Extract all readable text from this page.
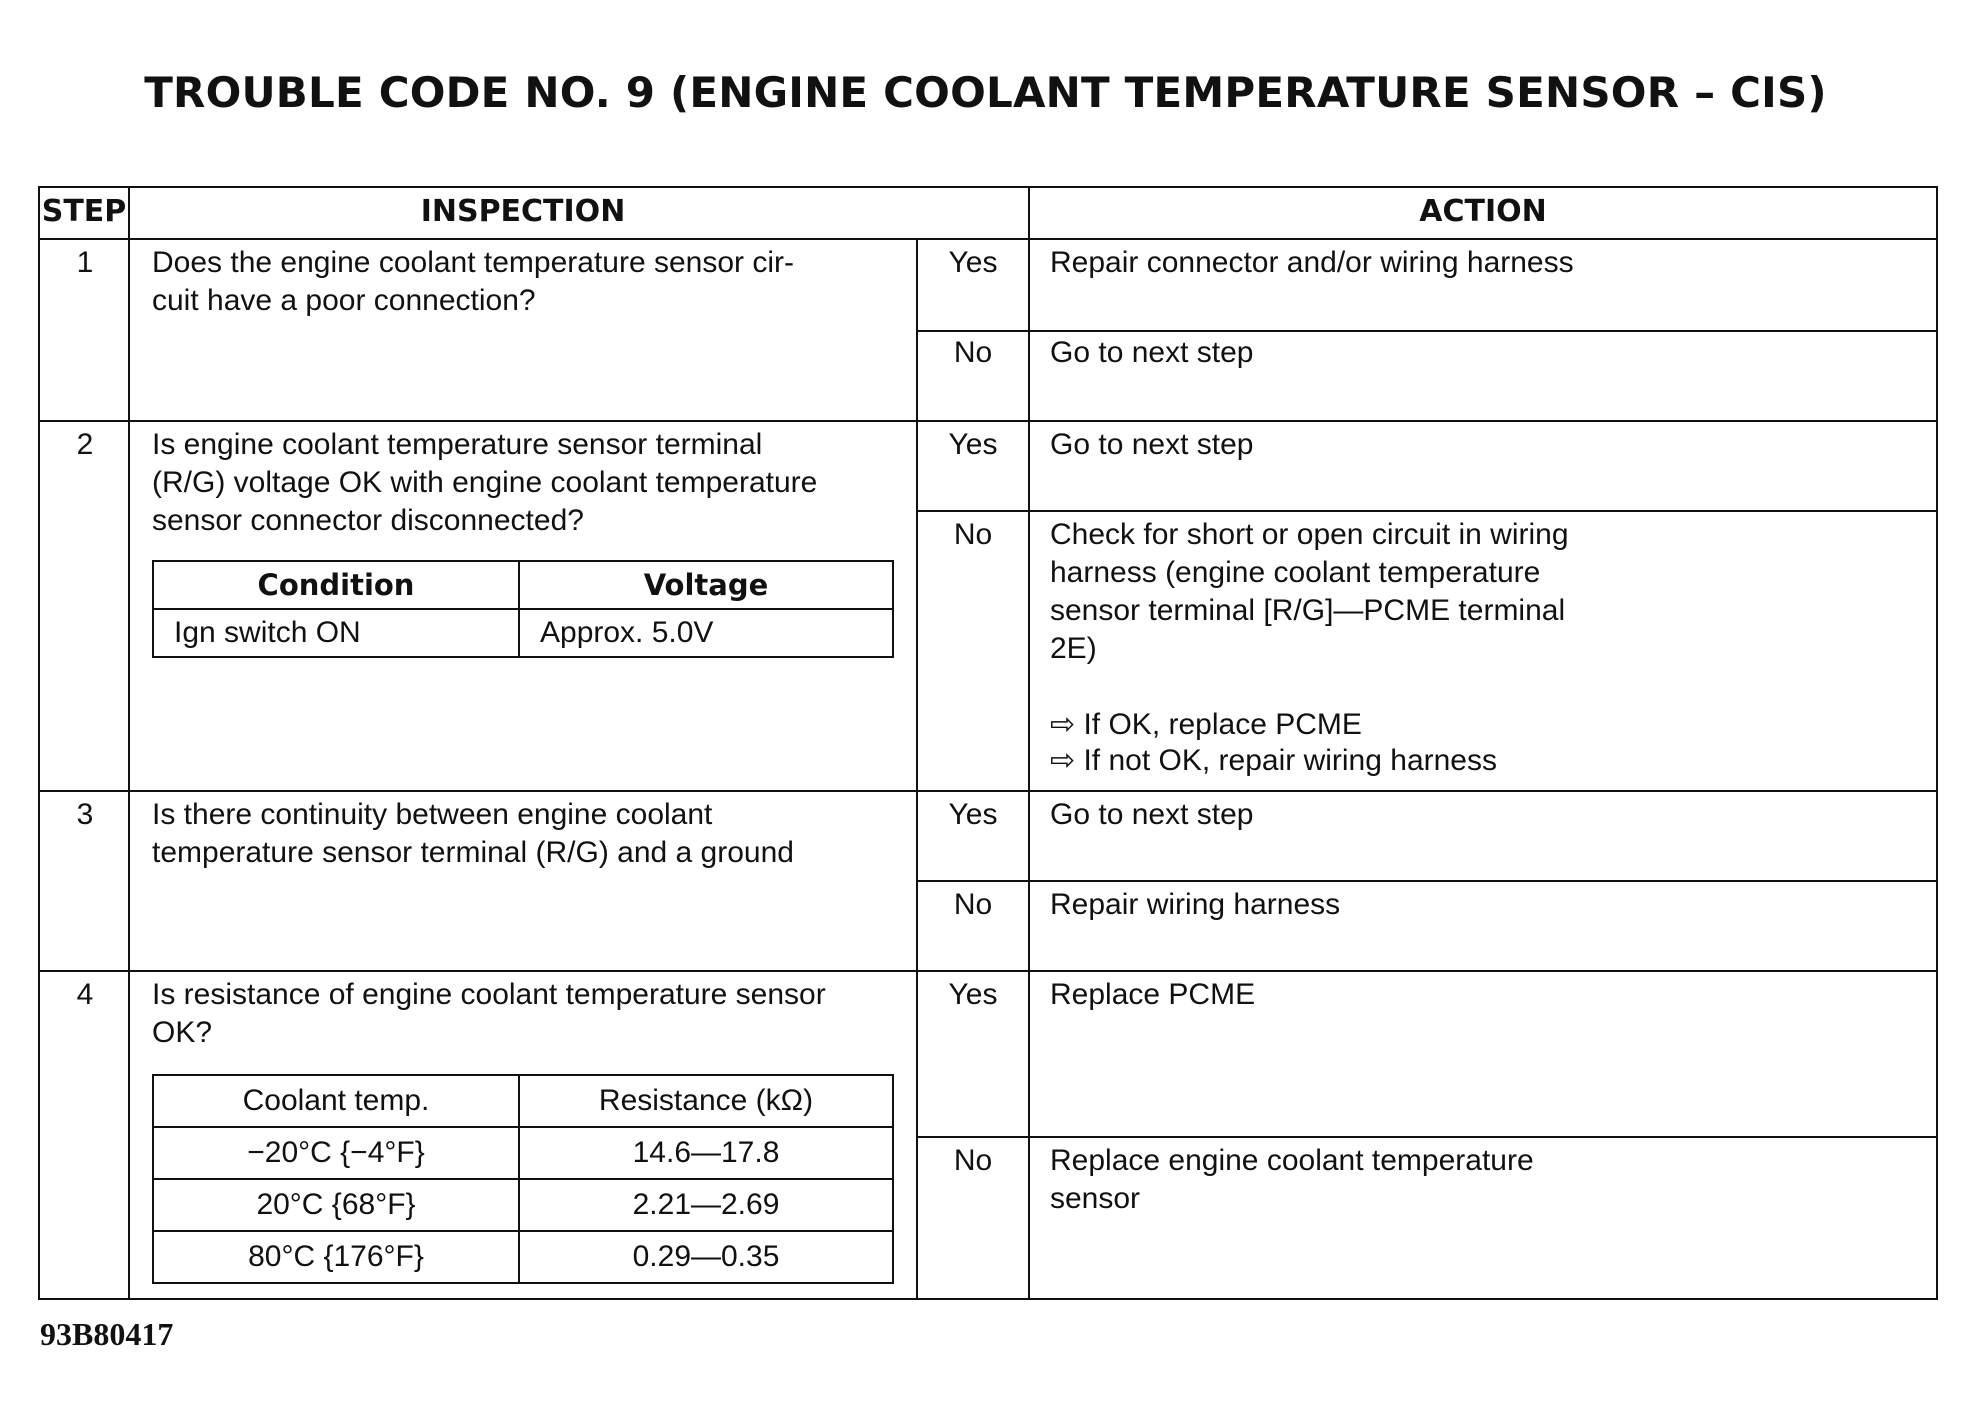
TROUBLE CODE NO. 9 (ENGINE COOLANT TEMPERATURE SENSOR – CIS)
STEP	INSPECTION	ACTION
1	Does the engine coolant temperature sensor cir-
cuit have a poor connection?
Yes	Repair connector and/or wiring harness
No	Go to next step
2	Is engine coolant temperature sensor terminal
(R/G) voltage OK with engine coolant temperature
sensor connector disconnected?
Condition	Voltage
Ign switch ON	Approx. 5.0V
Yes	Go to next step
No	Check for short or open circuit in wiring
harness (engine coolant temperature
sensor terminal [R/G]—PCME terminal
2E)
⇨ If OK, replace PCME
⇨ If not OK, repair wiring harness
3	Is there continuity between engine coolant
temperature sensor terminal (R/G) and a ground
Yes	Go to next step
No	Repair wiring harness
4	Is resistance of engine coolant temperature sensor
OK?
Coolant temp.	Resistance (kΩ)
−20°C {−4°F}	14.6—17.8
20°C {68°F}	2.21—2.69
80°C {176°F}	0.29—0.35
Yes	Replace PCME
No	Replace engine coolant temperature
sensor
93B80417
